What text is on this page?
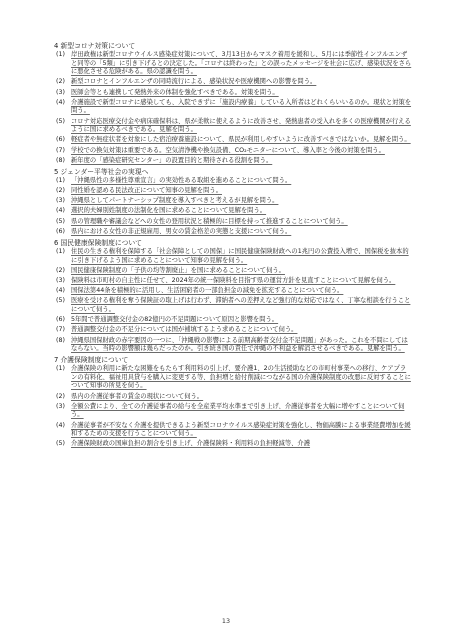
4 新型コロナ対策について
(1) 岸田政権は新型コロナウイルス感染症対策について、3月13日からマスク着用を緩和し、5月には季節性インフルエンザと同等の「5類」に引き下げるとの決定した。「コロナは終わった」との誤ったメッセージを社会に広げ、感染状況をさらに悪化させる危険がある。県の認識を問う。
(2) 新型コロナとインフルエンザの同時流行による、感染状況や医療機関への影響を問う。
(3) 医師会等とも連携して発熱外来の体制を強化すべきである。対策を問う。
(4) 介護施設で新型コロナに感染しても、入院できずに「施設内療養」している入所者はどれくらいいるのか。現状と対策を問う。
(5) コロナ対応医療交付金や病床確保料は、県が柔軟に使えるように改善させ、発熱患者の受入れを多くの医療機関が行えるように国に求めるべきである。見解を問う。
(6) 軽症者や無症状者を対象にした宿泊療養施設について、県民が利用しやすいように改善すべきではないか。見解を問う。
(7) 学校での換気対策は重要である。空気清浄機や換気設備、CO₂モニターについて、導入率と今後の対策を問う。
(8) 新年度の「感染症研究センター」の設置目的と期待される役割を問う。
5 ジェンダー平等社会の実現へ
(1) 「沖縄県性の多様性尊重宣言」の実効性ある取組を進めることについて問う。
(2) 同性婚を認める民法改正について知事の見解を問う。
(3) 沖縄県としてパートナーシップ制度を導入すべきと考えるが見解を問う。
(4) 選択的夫婦別姓制度の法制化を国に求めることについて見解を問う。
(5) 県の管理職や審議会などへの女性の登用状況と積極的に目標を持って推進することについて伺う。
(6) 県内における女性の非正規雇用、男女の賃金格差の実態と支援について伺う。
6 国民健康保険制度について
(1) 住民の生きる権利を保障する「社会保障としての国保」に国民健康保険財政への1兆円の公費投入増で、国保税を抜本的に引き下げるよう国に求めることについて知事の見解を伺う。
(2) 国民健康保険制度の「子供の均等割廃止」を国に求めることについて伺う。
(3) 保険料は市町村の自主性に任せて、2024年の統一保険料を目指す県の運営方針を見直すことについて見解を伺う。
(4) 国保法第44条を積極的に活用し、生活困窮者の一部負担金の減免を拡充することについて伺う。
(5) 医療を受ける権利を奪う保険証の取上げは行わず、滞納者への差押えなど強行的な対応ではなく、丁寧な相談を行うことについて伺う。
(6) 5年間で普通調整交付金の82億円の不足問題について原因と影響を問う。
(7) 普通調整交付金の不足分については国が補填するよう求めることについて伺う。
(8) 沖縄県国保財政の赤字要因の一つに、「沖縄戦の影響による前期高齢者交付金不足問題」があった。これを不問にしてはならない。当時の影響額は幾らだったのか。引き続き国の責任で沖縄の不利益を解消させるべきである。見解を問う。
7 介護保険制度について
(1) 介護保険の利用に新たな困難をもたらす利用料の引上げ、要介護1、2の生活援助などの市町村事業への移行、ケアプランの有料化、福祉用具貸与を購入に変更する等、負担増と給付削減につながる国の介護保険制度の改悪に反対することについて知事の所見を伺う。
(2) 県内の介護従事者の賃金の現状について伺う。
(3) 全額公費により、全ての介護従事者の給与を全産業平均水準まで引き上げ、介護従事者を大幅に増やすことについて伺う。
(4) 介護従事者が不安なく介護を提供できるよう新型コロナウイルス感染症対策を強化し、物価高騰による事業経費増加を緩和するための支援を行うことについて伺う。
(5) 介護保険財政の国庫負担の割合を引き上げ、介護保険料・利用料の負担軽減等、介護
13
